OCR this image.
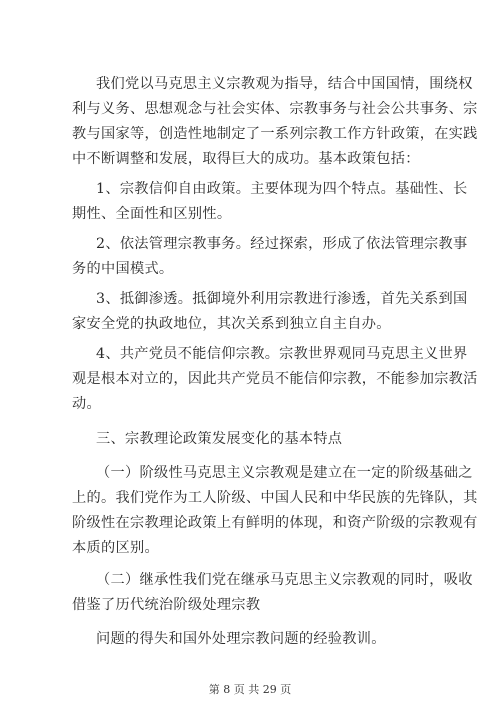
我们党以马克思主义宗教观为指导，结合中国国情，围绕权
利与义务、思想观念与社会实体、宗教事务与社会公共事务、宗
教与国家等，创造性地制定了一系列宗教工作方针政策，在实践
中不断调整和发展，取得巨大的成功。基本政策包括：
1、宗教信仰自由政策。主要体现为四个特点。基础性、长
期性、全面性和区别性。
2、依法管理宗教事务。经过探索，形成了依法管理宗教事
务的中国模式。
3、抵御渗透。抵御境外利用宗教进行渗透，首先关系到国
家安全党的执政地位，其次关系到独立自主自办。
4、共产党员不能信仰宗教。宗教世界观同马克思主义世界
观是根本对立的，因此共产党员不能信仰宗教，不能参加宗教活
动。
三、宗教理论政策发展变化的基本特点
（一）阶级性马克思主义宗教观是建立在一定的阶级基础之
上的。我们党作为工人阶级、中国人民和中华民族的先锋队，其
阶级性在宗教理论政策上有鲜明的体现，和资产阶级的宗教观有
本质的区别。
（二）继承性我们党在继承马克思主义宗教观的同时，吸收
借鉴了历代统治阶级处理宗教
问题的得失和国外处理宗教问题的经验教训。
第 8 页 共 29 页
